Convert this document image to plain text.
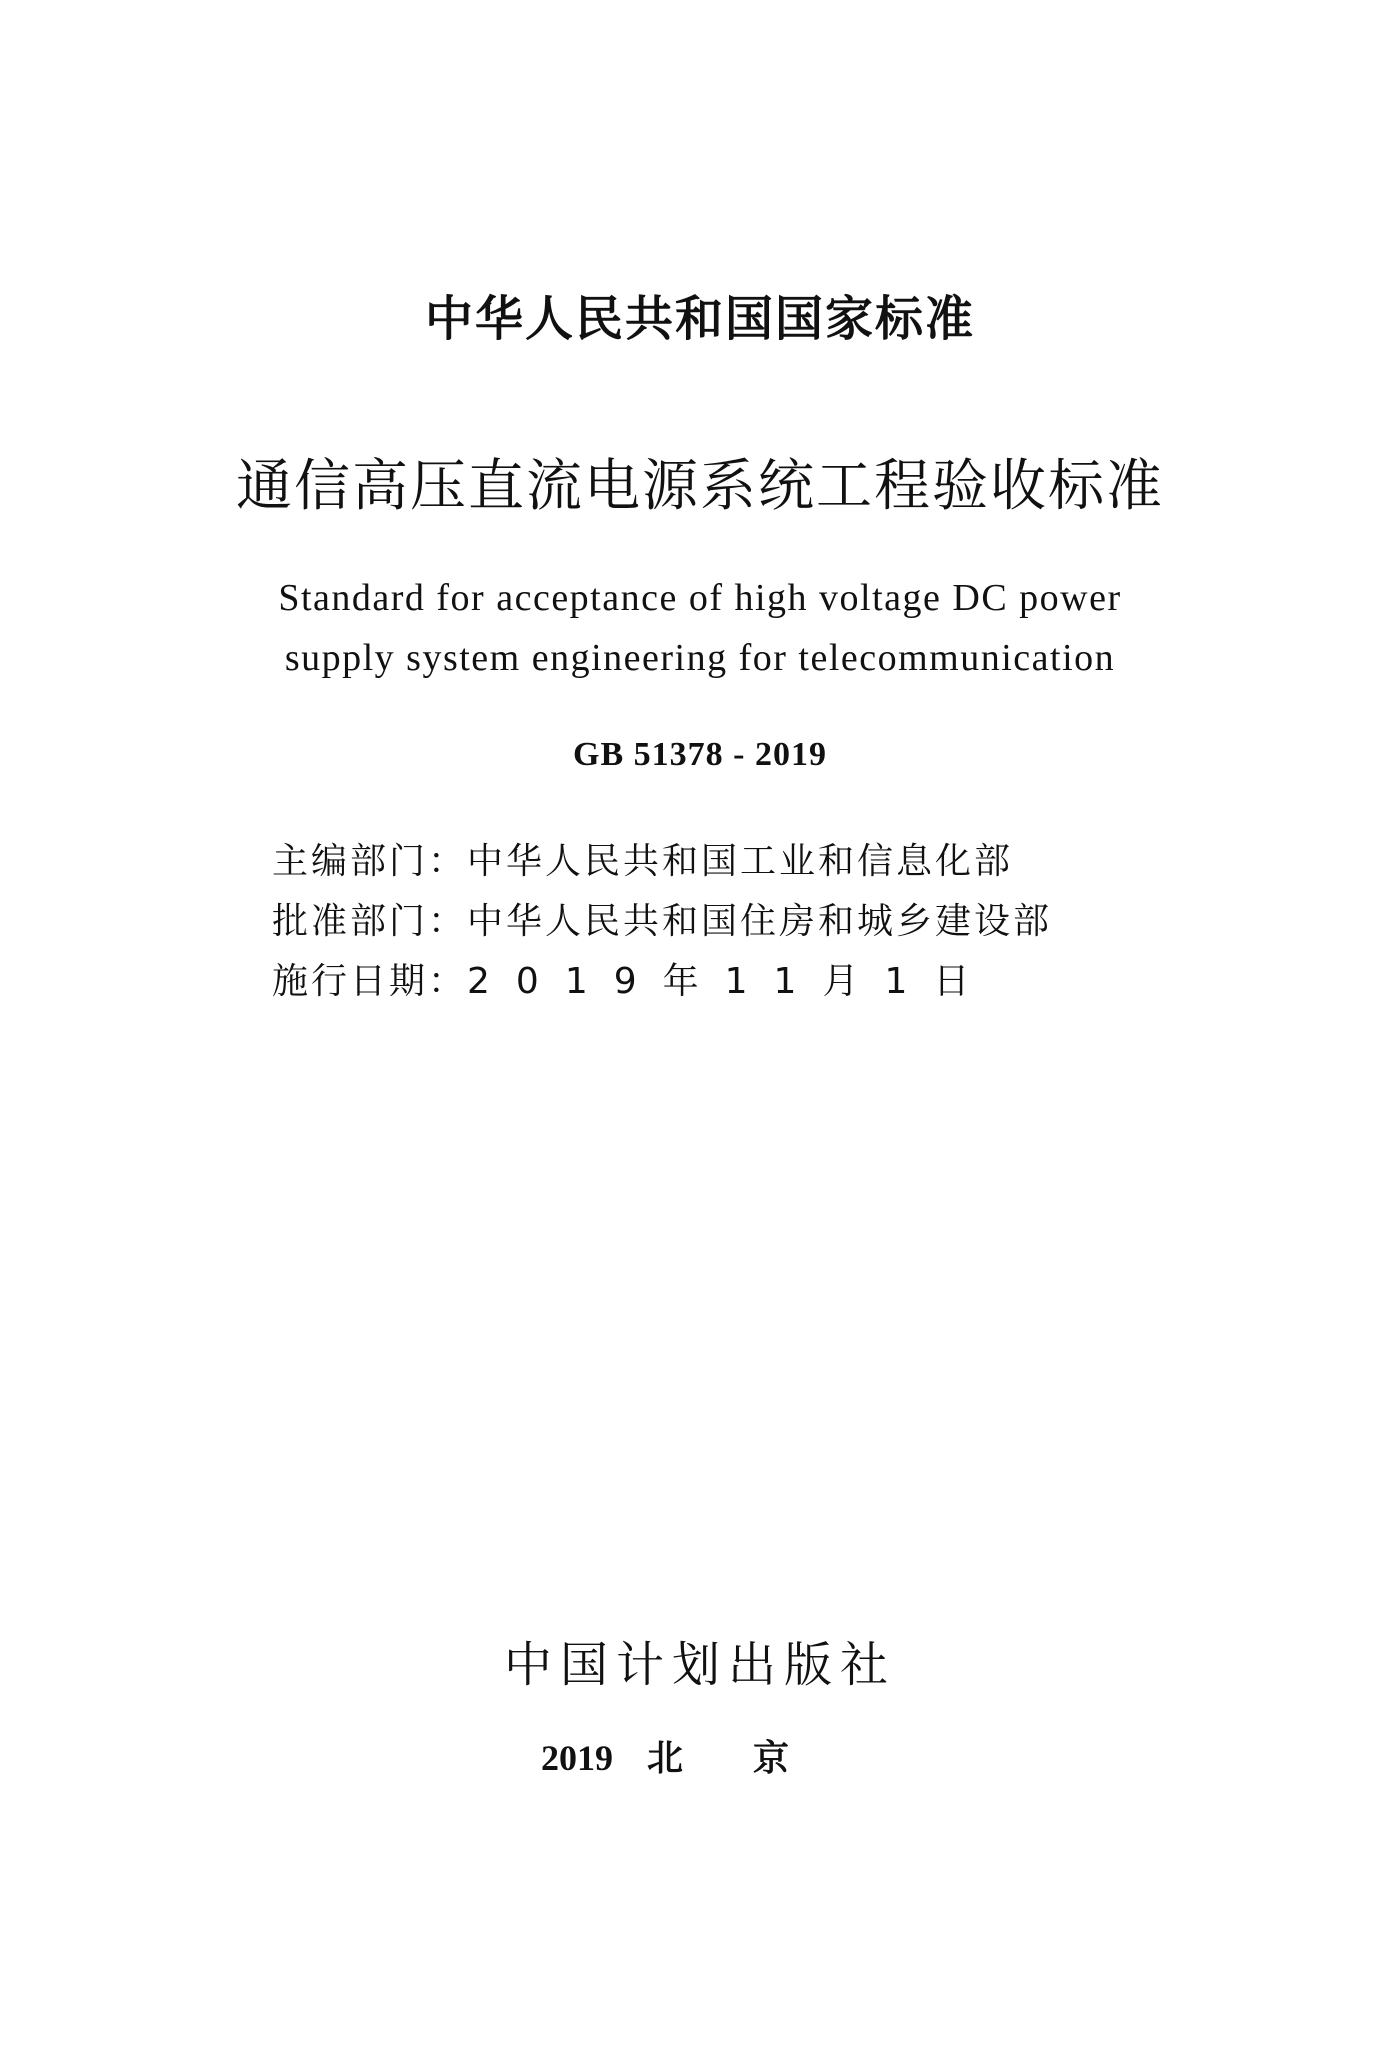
中华人民共和国国家标准
通信高压直流电源系统工程验收标准
Standard for acceptance of high voltage DC power
supply system engineering for telecommunication
GB 51378 - 2019
主编部门：中华人民共和国工业和信息化部
批准部门：中华人民共和国住房和城乡建设部
施行日期：2019年11月1日
中国计划出版社
2019 北京
